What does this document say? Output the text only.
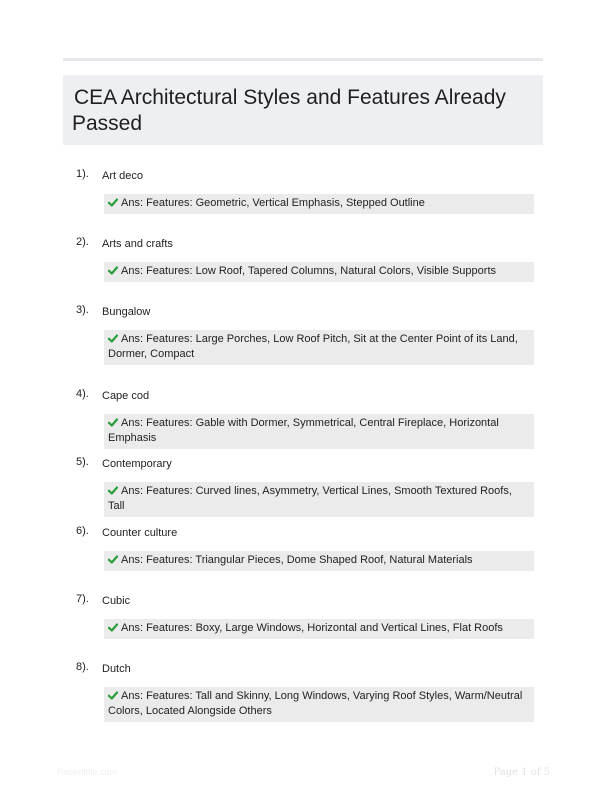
CEA Architectural Styles and Features Already Passed
1). Art deco
Ans: Features: Geometric, Vertical Emphasis, Stepped Outline
2). Arts and crafts
Ans: Features: Low Roof, Tapered Columns, Natural Colors, Visible Supports
3). Bungalow
Ans: Features: Large Porches, Low Roof Pitch, Sit at the Center Point of its Land, Dormer, Compact
4). Cape cod
Ans: Features: Gable with Dormer, Symmetrical, Central Fireplace, Horizontal Emphasis
5). Contemporary
Ans: Features: Curved lines, Asymmetry, Vertical Lines, Smooth Textured Roofs, Tall
6). Counter culture
Ans: Features: Triangular Pieces, Dome Shaped Roof, Natural Materials
7). Cubic
Ans: Features: Boxy, Large Windows, Horizontal and Vertical Lines, Flat Roofs
8). Dutch
Ans: Features: Tall and Skinny, Long Windows, Varying Roof Styles, Warm/Neutral Colors, Located Alongside Others
Papertittle.com	Page 1 of 5
